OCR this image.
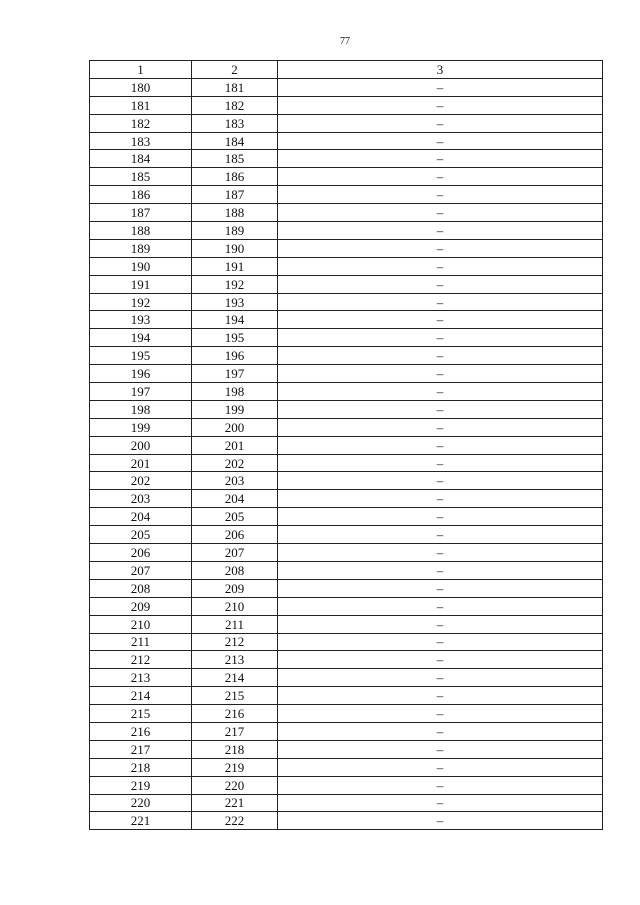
77
1	2	3
180	181	–
181	182	–
182	183	–
183	184	–
184	185	–
185	186	–
186	187	–
187	188	–
188	189	–
189	190	–
190	191	–
191	192	–
192	193	–
193	194	–
194	195	–
195	196	–
196	197	–
197	198	–
198	199	–
199	200	–
200	201	–
201	202	–
202	203	–
203	204	–
204	205	–
205	206	–
206	207	–
207	208	–
208	209	–
209	210	–
210	211	–
211	212	–
212	213	–
213	214	–
214	215	–
215	216	–
216	217	–
217	218	–
218	219	–
219	220	–
220	221	–
221	222	–
